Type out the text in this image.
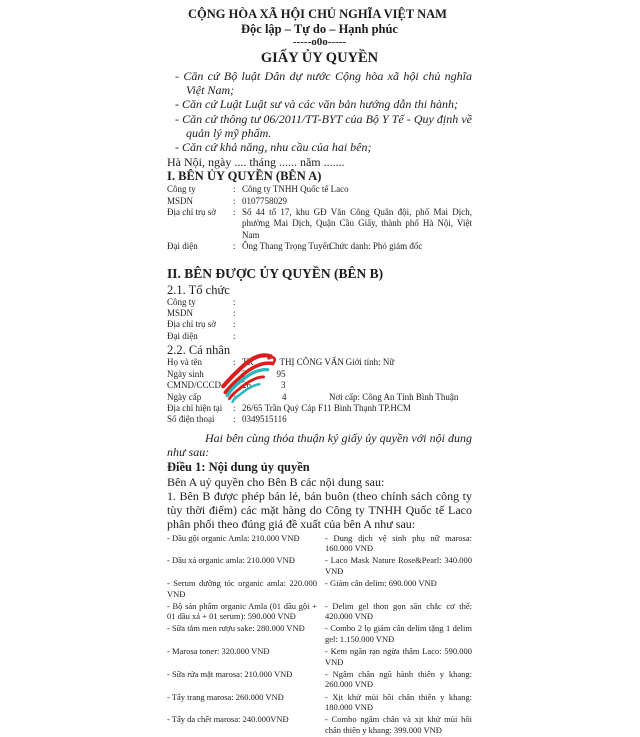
CỘNG HÒA XÃ HỘI CHỦ NGHĨA VIỆT NAM
Độc lập – Tự do – Hạnh phúc
-----o0o-----
GIẤY ỦY QUYỀN
- Căn cứ Bộ luật Dân dự nước Cộng hòa xã hội chủ nghĩa Việt Nam;
- Căn cứ Luật Luật sư và các văn bản hướng dẫn thi hành;
- Căn cứ thông tư 06/2011/TT-BYT của Bộ Y Tế - Quy định về quản lý mỹ phẩm.
- Căn cứ khả năng, nhu cầu của hai bên;
Hà Nội, ngày .... tháng ...... năm .......
I. BÊN ỦY QUYỀN (BÊN A)
Công ty	: Công ty TNHH Quốc tế Laco
MSDN	: 0107758029
Địa chỉ trụ sở	: Số 44 tổ 17, khu GĐ Văn Công Quân đội, phố Mai Dịch, phường Mai Dịch, Quận Cầu Giấy, thành phố Hà Nội, Việt Nam
Đại diện	: Ông Thang Trọng Tuyến
Chức danh: Phó giám đốc
II. BÊN ĐƯỢC ỦY QUYỀN (BÊN B)
2.1. Tổ chức
Công ty	:
MSDN	:
Địa chỉ trụ sở	:
Đại diện	:
2.2. Cá nhân
Họ và tên	: TR	THỊ CÔNG VẤN  Giới tính: Nữ
Ngày sinh	: 2	95
CMND/CCCD	: 26	3
Ngày cấp	:	4	Nơi cấp: Công An Tỉnh Bình Thuận
Địa chỉ hiện tại	: 26/65 Trần Quý Cáp F11 Bình Thạnh TP.HCM
Số điện thoại	: 0349515116
Hai bên cùng thỏa thuận ký giấy ủy quyền với nội dung như sau:
Điều 1: Nội dung ủy quyền
Bên A uỷ quyền cho Bên B các nội dung sau:
1. Bên B được phép bán lẻ, bán buôn (theo chính sách công ty tùy thời điểm) các mặt hàng do Công ty TNHH Quốc tế Laco phân phối theo đúng giá đề xuất của bên A như sau:
- Dầu gội organic Amla: 210.000 VNĐ	- Dung dịch vệ sinh phụ nữ marosa: 160.000 VNĐ
- Dầu xả organic amla: 210.000 VNĐ	- Laco Mask Nature Rose&Pearl: 340.000 VNĐ
- Serum dưỡng tóc organic amla: 220.000 VNĐ	- Giảm cân delim: 690.000 VNĐ
- Bộ sản phẩm organic Amla (01 dầu gội + 01 dầu xả + 01 serum): 590.000 VNĐ	- Delim gel thon gọn săn chắc cơ thể: 420.000 VNĐ
- Sữa tắm men rượu sake: 280.000 VNĐ	- Combo 2 lọ giảm cân delim tặng 1 delim gel: 1.150.000 VNĐ
- Marosa toner: 320.000 VNĐ	- Kem ngăn rạn ngừa thâm Laco: 590.000 VNĐ
- Sữa rửa mặt marosa: 210.000 VNĐ	- Ngâm chân ngũ hành thiên y khang: 260.000 VNĐ
- Tẩy trang marosa: 260.000 VNĐ	- Xịt khử mùi hôi chân thiên y khang: 180.000 VNĐ
- Tẩy da chết marosa: 240.000VNĐ	- Combo ngâm chân và xịt khử mùi hôi chân thiên y khang: 399.000 VNĐ
